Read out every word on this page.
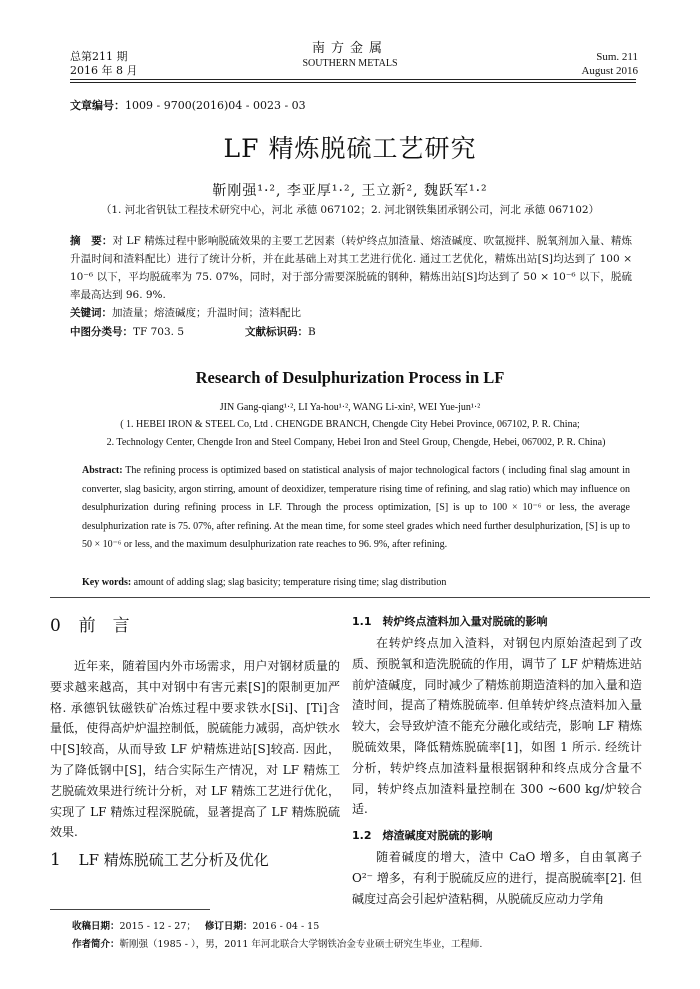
总第211 期
2016 年 8 月
南方金属
SOUTHERN METALS
Sum. 211
August 2016
文章编号：1009 - 9700(2016)04 - 0023 - 03
LF 精炼脱硫工艺研究
靳刚强¹·², 李亚厚¹·², 王立新², 魏跃军¹·²
（1. 河北省钒钛工程技术研究中心，河北 承德 067102；2. 河北钢铁集团承钢公司，河北 承德 067102）
摘　要：对 LF 精炼过程中影响脱硫效果的主要工艺因素（转炉终点加渣量、熔渣碱度、吹氩搅拌、脱氧剂加入量、精炼升温时间和渣料配比）进行了统计分析，并在此基础上对其工艺进行优化. 通过工艺优化，精炼出站[S]均达到了 100 × 10⁻⁶ 以下，平均脱硫率为 75. 07%，同时，对于部分需要深脱硫的钢种，精炼出站[S]均达到了 50 × 10⁻⁶ 以下，脱硫率最高达到 96. 9%.
关键词：加渣量；熔渣碱度；升温时间；渣料配比
中图分类号：TF 703. 5	文献标识码：B
Research of Desulphurization Process in LF
JIN Gang-qiang¹·², LI Ya-hou¹·², WANG Li-xin², WEI Yue-jun¹·²
( 1. HEBEI IRON & STEEL Co, Ltd . CHENGDE BRANCH, Chengde City Hebei Province, 067102, P. R. China;
2. Technology Center, Chengde Iron and Steel Company, Hebei Iron and Steel Group, Chengde, Hebei, 067002, P. R. China)
Abstract: The refining process is optimized based on statistical analysis of major technological factors ( including final slag amount in converter, slag basicity, argon stirring, amount of deoxidizer, temperature rising time of refining, and slag ratio) which may influence on desulphurization during refining process in LF. Through the process optimization, [S] is up to 100 × 10⁻⁶ or less, the average desulphurization rate is 75. 07%, after refining. At the mean time, for some steel grades which need further desulphurization, [S] is up to 50 × 10⁻⁶ or less, and the maximum desulphurization rate reaches to 96. 9%, after refining.
Key words: amount of adding slag; slag basicity; temperature rising time; slag distribution
0 前　言
近年来，随着国内外市场需求，用户对钢材质量的要求越来越高，其中对钢中有害元素[S]的限制更加严格. 承德钒钛磁铁矿冶炼过程中要求铁水[Si]、[Ti]含量低，使得高炉炉温控制低，脱硫能力减弱，高炉铁水中[S]较高，从而导致 LF 炉精炼进站[S]较高. 因此，为了降低钢中[S]，结合实际生产情况，对 LF 精炼工艺脱硫效果进行统计分析，对 LF 精炼工艺进行优化，实现了 LF 精炼过程深脱硫，显著提高了 LF 精炼脱硫效果.
1 LF 精炼脱硫工艺分析及优化
1.1　转炉终点渣料加入量对脱硫的影响
在转炉终点加入渣料，对钢包内原始渣起到了改质、预脱氧和造洗脱硫的作用，调节了 LF 炉精炼进站前炉渣碱度，同时减少了精炼前期造渣料的加入量和造渣时间，提高了精炼脱硫率. 但单转炉终点渣料加入量较大，会导致炉渣不能充分融化或结壳，影响 LF 精炼脱硫效果，降低精炼脱硫率[1]，如图 1 所示. 经统计分析，转炉终点加渣料量根据钢种和终点成分含量不同，转炉终点加渣料量控制在 300 ~600 kg/炉较合适.
1.2　熔渣碱度对脱硫的影响
随着碱度的增大，渣中 CaO 增多，自由氧离子 O²⁻ 增多，有利于脱硫反应的进行，提高脱硫率[2]. 但碱度过高会引起炉渣粘稠，从脱硫反应动力学角
收稿日期：2015 - 12 - 27； 修订日期：2016 - 04 - 15
作者简介：靳刚强（1985 - ），男，2011 年河北联合大学钢铁冶金专业硕士研究生毕业，工程师.
